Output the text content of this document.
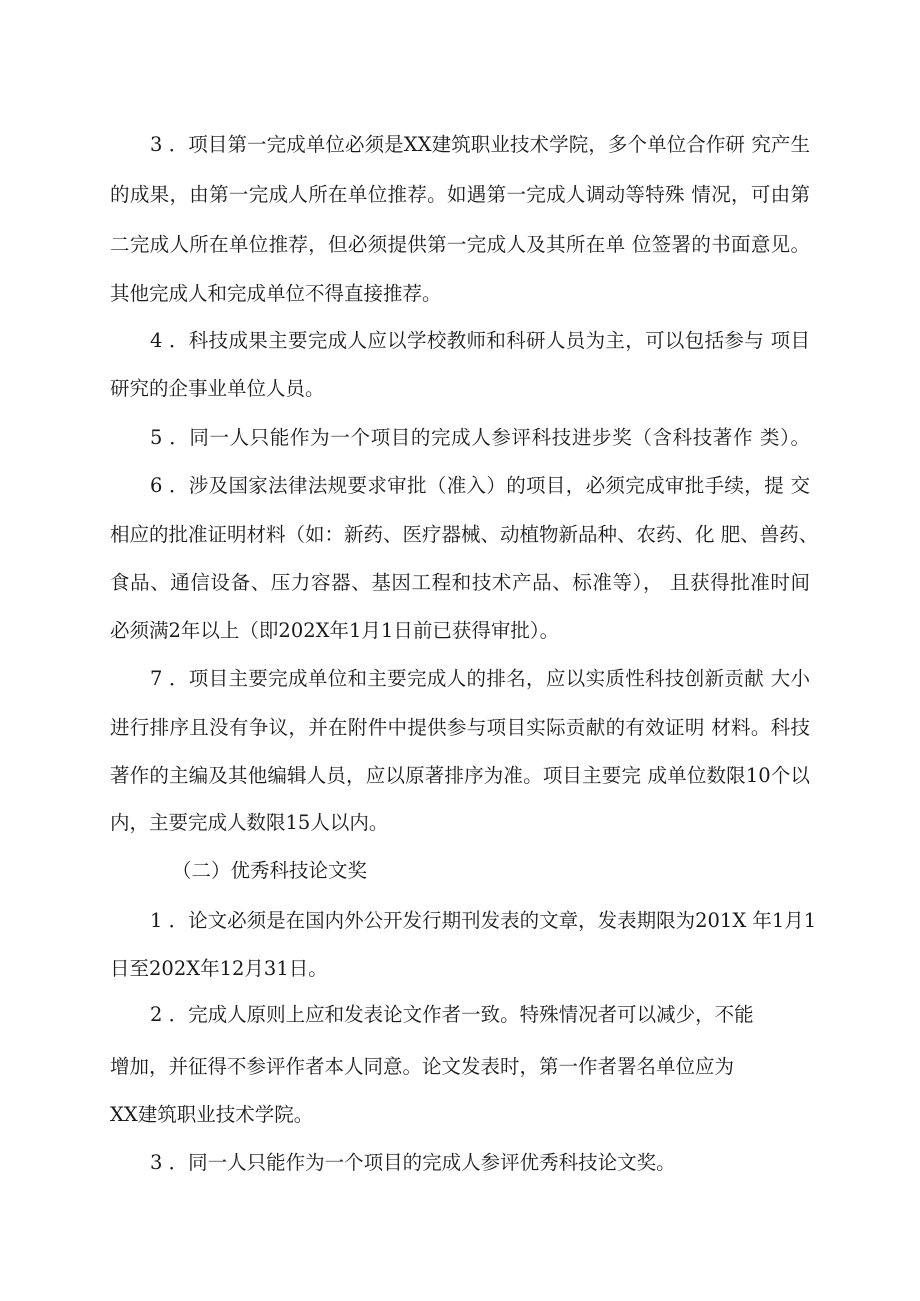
3 ．项目第一完成单位必须是XX建筑职业技术学院，多个单位合作研 究产生
的成果，由第一完成人所在单位推荐。如遇第一完成人调动等特殊 情况，可由第
二完成人所在单位推荐，但必须提供第一完成人及其所在单 位签署的书面意见。
其他完成人和完成单位不得直接推荐。
4 ．科技成果主要完成人应以学校教师和科研人员为主，可以包括参与 项目
研究的企事业单位人员。
5 ．同一人只能作为一个项目的完成人参评科技进步奖（含科技著作 类）。
6 ．涉及国家法律法规要求审批（准入）的项目，必须完成审批手续，提 交
相应的批准证明材料（如：新药、医疗器械、动植物新品种、农药、化 肥、兽药、
食品、通信设备、压力容器、基因工程和技术产品、标准等）， 且获得批准时间
必须满2年以上（即202X年1月1日前已获得审批）。
7 ．项目主要完成单位和主要完成人的排名，应以实质性科技创新贡献 大小
进行排序且没有争议，并在附件中提供参与项目实际贡献的有效证明 材料。科技
著作的主编及其他编辑人员，应以原著排序为准。项目主要完 成单位数限10个以
内，主要完成人数限15人以内。
（二）优秀科技论文奖
1 ．论文必须是在国内外公开发行期刊发表的文章，发表期限为201X 年1月1
日至202X年12月31日。
2 ．完成人原则上应和发表论文作者一致。特殊情况者可以减少，不能
增加，并征得不参评作者本人同意。论文发表时，第一作者署名单位应为
XX建筑职业技术学院。
3 ．同一人只能作为一个项目的完成人参评优秀科技论文奖。
